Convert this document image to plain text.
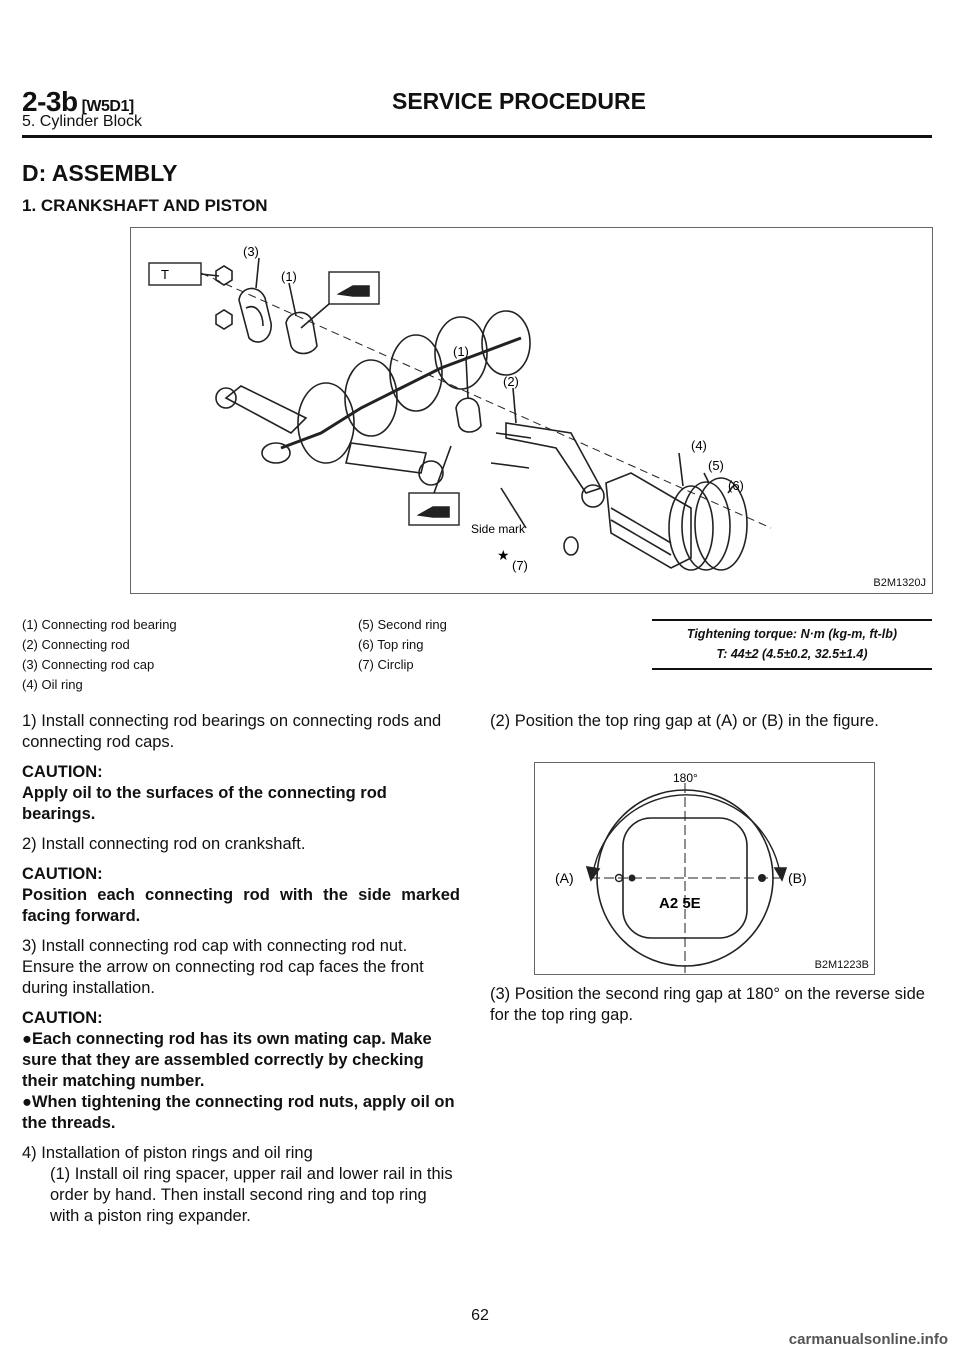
2-3b [W5D1]	SERVICE PROCEDURE
5. Cylinder Block
D: ASSEMBLY
1. CRANKSHAFT AND PISTON
T
(3)
(1)
(1)
(2)
(4)
(5)
(6)
(7)
Side mark
★
B2M1320J
(1) Connecting rod bearing
(2) Connecting rod
(3) Connecting rod cap
(4) Oil ring
(5) Second ring
(6) Top ring
(7) Circlip
Tightening torque: N·m (kg-m, ft-lb)
T: 44±2 (4.5±0.2, 32.5±1.4)

1) Install connecting rod bearings on connecting rods and connecting rod caps.

CAUTION:
Apply oil to the surfaces of the connecting rod bearings.

2) Install connecting rod on crankshaft.

CAUTION:
Position each connecting rod with the side marked facing forward.

3) Install connecting rod cap with connecting rod nut.
Ensure the arrow on connecting rod cap faces the front during installation.

CAUTION:
●Each connecting rod has its own mating cap. Make sure that they are assembled correctly by checking their matching number.
●When tightening the connecting rod nuts, apply oil on the threads.

4) Installation of piston rings and oil ring

(1) Install oil ring spacer, upper rail and lower rail in this order by hand. Then install second ring and top ring with a piston ring expander.

(2) Position the top ring gap at (A) or (B) in the figure.

180°
(A)	(B)
A2 5E
B2M1223B

(3) Position the second ring gap at 180° on the reverse side for the top ring gap.

62
carmanualsonline.info
